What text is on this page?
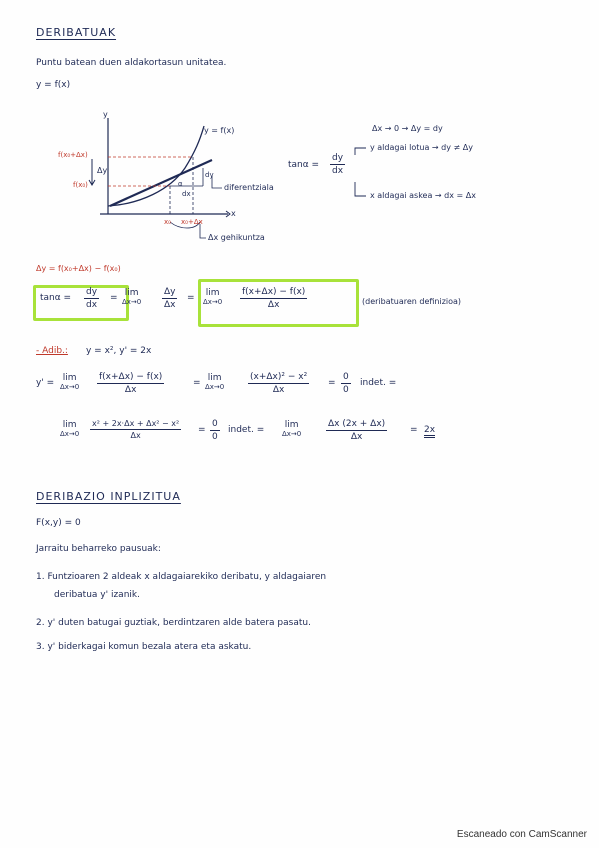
DERIBATUAK
Puntu batean duen aldakortasun unitatea.
y = f(x)
y
x
y = f(x)
f(x₀+Δx)
f(x₀)
Δy	dy
α
dx
x₀ x₀+Δx
diferentziala
Δx gehikuntza
Δx → 0 → Δy = dy
$\tan\alpha = \frac{dy}{dx}$
y aldagai lotua → dy ≠ Δy
x aldagai askea → dx = Δx
Δy = f(x₀+Δx) − f(x₀)
$\tan\alpha = \frac{dy}{dx} = \lim$
$\Delta x\to 0 \frac{\Delta y}{\Delta x}$ =	lim
$\Delta x\to 0 \frac{f(x+\Delta x) - f(x)}{\Delta x}$	(deribatuaren definizioa)
- Adib.: y = x², y' = 2x
y' = lim
$\Delta x\to 0 \frac{f(x+\Delta x) - f(x)}{\Delta x}$	= lim
Δx→0	$\frac{\text{(x+Δx)² − x²}}{\Delta x} = \frac{0}{0} indet$. =
lim
$\Delta x\to 0 \frac{\text{x² + 2x·Δx + Δx² − x²}}{\Delta x} = \frac{0}{0} indet$. =	lim
Δx→0	$\frac{\Delta x (2x + \Delta x)}{\Delta x}$	= 2x
DERIBAZIO INPLIZITUA
F(x,y) = 0
Jarraitu beharreko pausuak:
1. Funtzioaren 2 aldeak x aldagaiarekiko deribatu, y aldagaiaren
deribatua y' izanik.
2. y' duten batugai guztiak, berdintzaren alde batera pasatu.
3. y' biderkagai komun bezala atera eta askatu.
Escaneado con CamScanner
